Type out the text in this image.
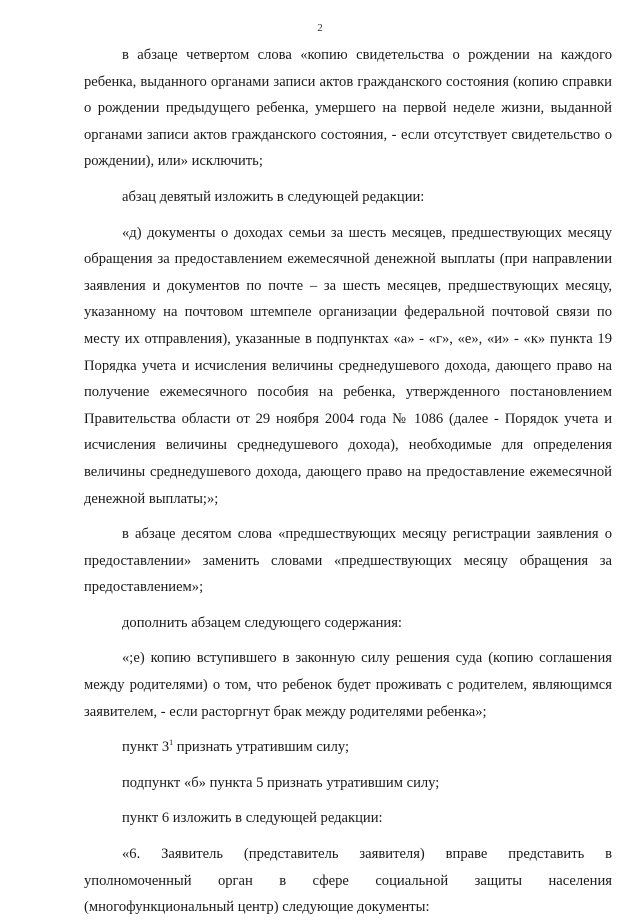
2

в абзаце четвертом слова «копию свидетельства о рождении на каждого ребенка, выданного органами записи актов гражданского состояния (копию справки о рождении предыдущего ребенка, умершего на первой неделе жизни, выданной органами записи актов гражданского состояния, - если отсутствует свидетельство о рождении), или» исключить;

абзац девятый изложить в следующей редакции:

«д) документы о доходах семьи за шесть месяцев, предшествующих месяцу обращения за предоставлением ежемесячной денежной выплаты (при направлении заявления и документов по почте – за шесть месяцев, предшествующих месяцу, указанному на почтовом штемпеле организации федеральной почтовой связи по месту их отправления), указанные в подпунктах «а» - «г», «е», «и» - «к» пункта 19 Порядка учета и исчисления величины среднедушевого дохода, дающего право на получение ежемесячного пособия на ребенка, утвержденного постановлением Правительства области от 29 ноября 2004 года № 1086 (далее - Порядок учета и исчисления величины среднедушевого дохода), необходимые для определения величины среднедушевого дохода, дающего право на предоставление ежемесячной денежной выплаты;»;

в абзаце десятом слова «предшествующих месяцу регистрации заявления о предоставлении» заменить словами «предшествующих месяцу обращения за предоставлением»;

дополнить абзацем следующего содержания:

«;е) копию вступившего в законную силу решения суда (копию соглашения между родителями) о том, что ребенок будет проживать с родителем, являющимся заявителем, - если расторгнут брак между родителями ребенка»;

пункт $3^1$ признать утратившим силу;

подпункт «б» пункта 5 признать утратившим силу;

пункт 6 изложить в следующей редакции:

«6. Заявитель (представитель заявителя) вправе представить в уполномоченный орган в сфере социальной защиты населения (многофункциональный центр) следующие документы:
